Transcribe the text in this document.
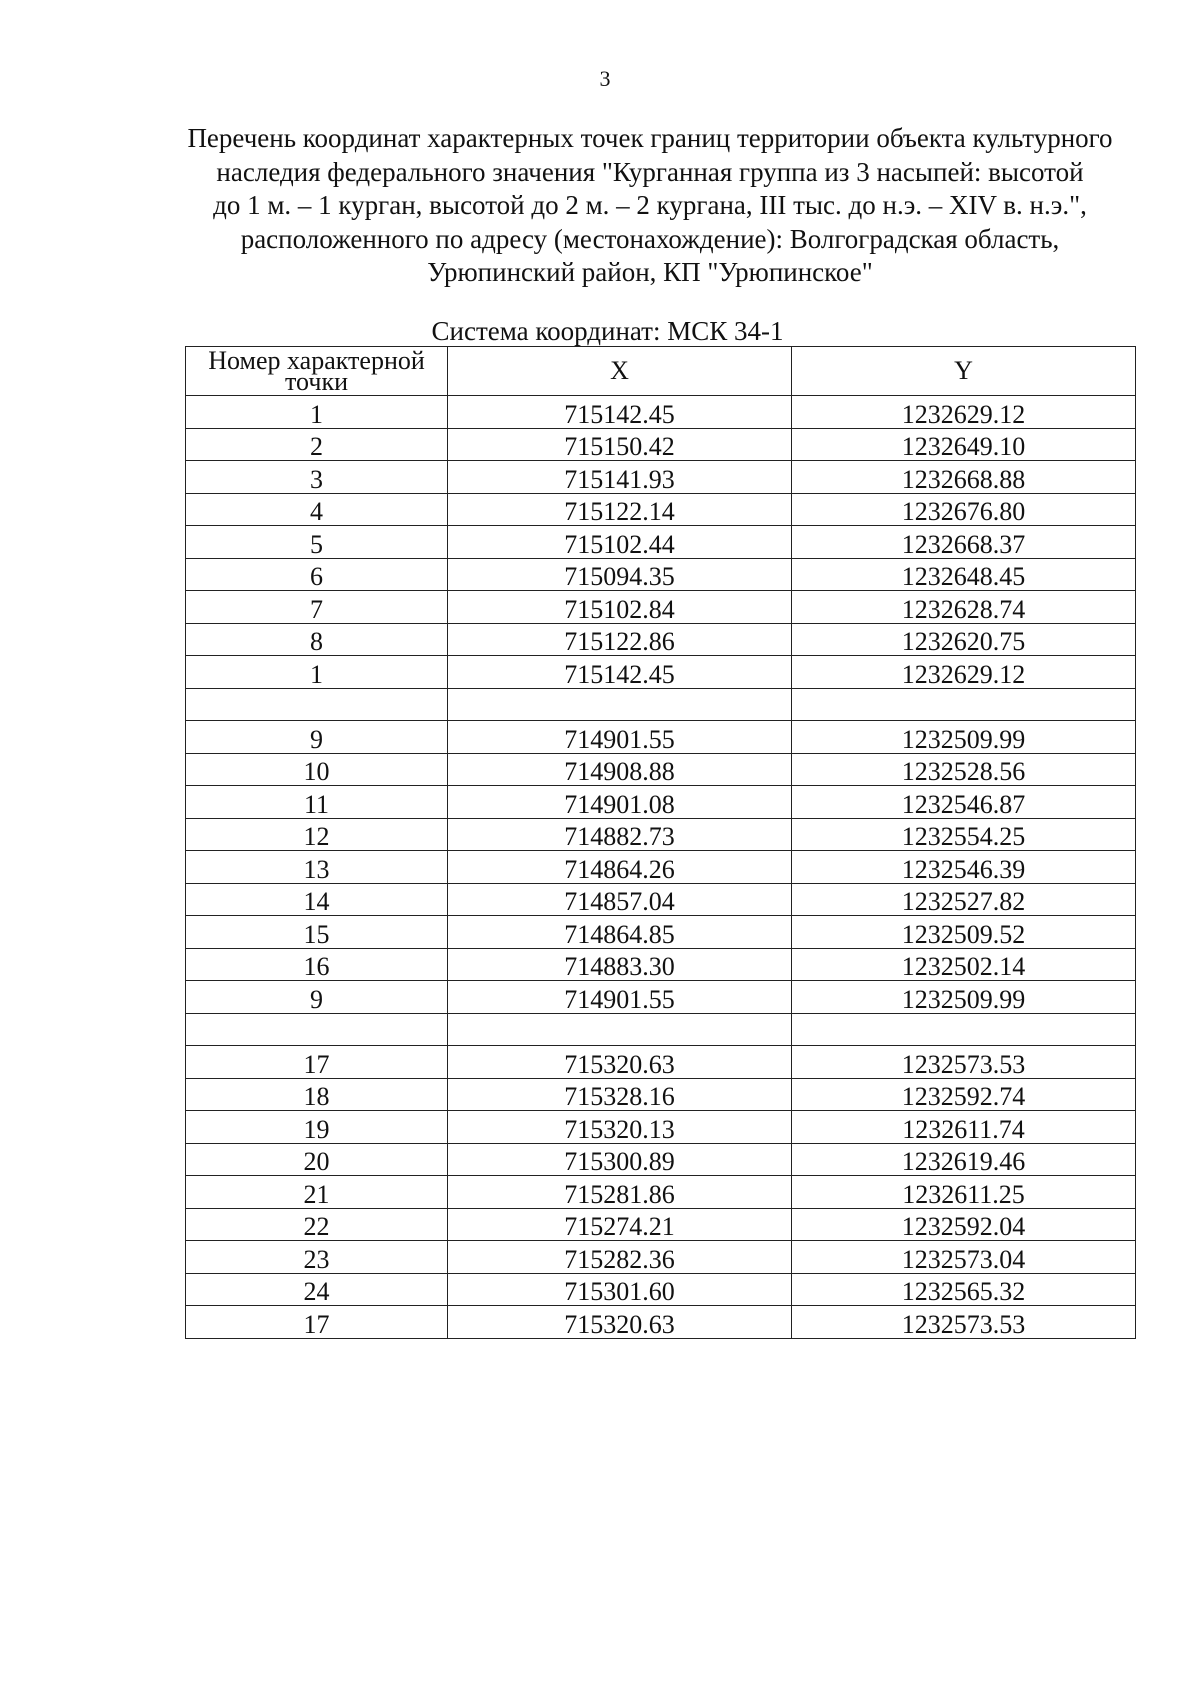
3
Перечень координат характерных точек границ территории объекта культурного
наследия федерального значения "Курганная группа из 3 насыпей: высотой
до 1 м. – 1 курган, высотой до 2 м. – 2 кургана, III тыс. до н.э. – XIV в. н.э.",
расположенного по адресу (местонахождение): Волгоградская область,
Урюпинский район, КП "Урюпинское"
Система координат: МСК 34-1
Номер характерной точки	X	Y
1	715142.45	1232629.12
2	715150.42	1232649.10
3	715141.93	1232668.88
4	715122.14	1232676.80
5	715102.44	1232668.37
6	715094.35	1232648.45
7	715102.84	1232628.74
8	715122.86	1232620.75
1	715142.45	1232629.12

9	714901.55	1232509.99
10	714908.88	1232528.56
11	714901.08	1232546.87
12	714882.73	1232554.25
13	714864.26	1232546.39
14	714857.04	1232527.82
15	714864.85	1232509.52
16	714883.30	1232502.14
9	714901.55	1232509.99

17	715320.63	1232573.53
18	715328.16	1232592.74
19	715320.13	1232611.74
20	715300.89	1232619.46
21	715281.86	1232611.25
22	715274.21	1232592.04
23	715282.36	1232573.04
24	715301.60	1232565.32
17	715320.63	1232573.53
